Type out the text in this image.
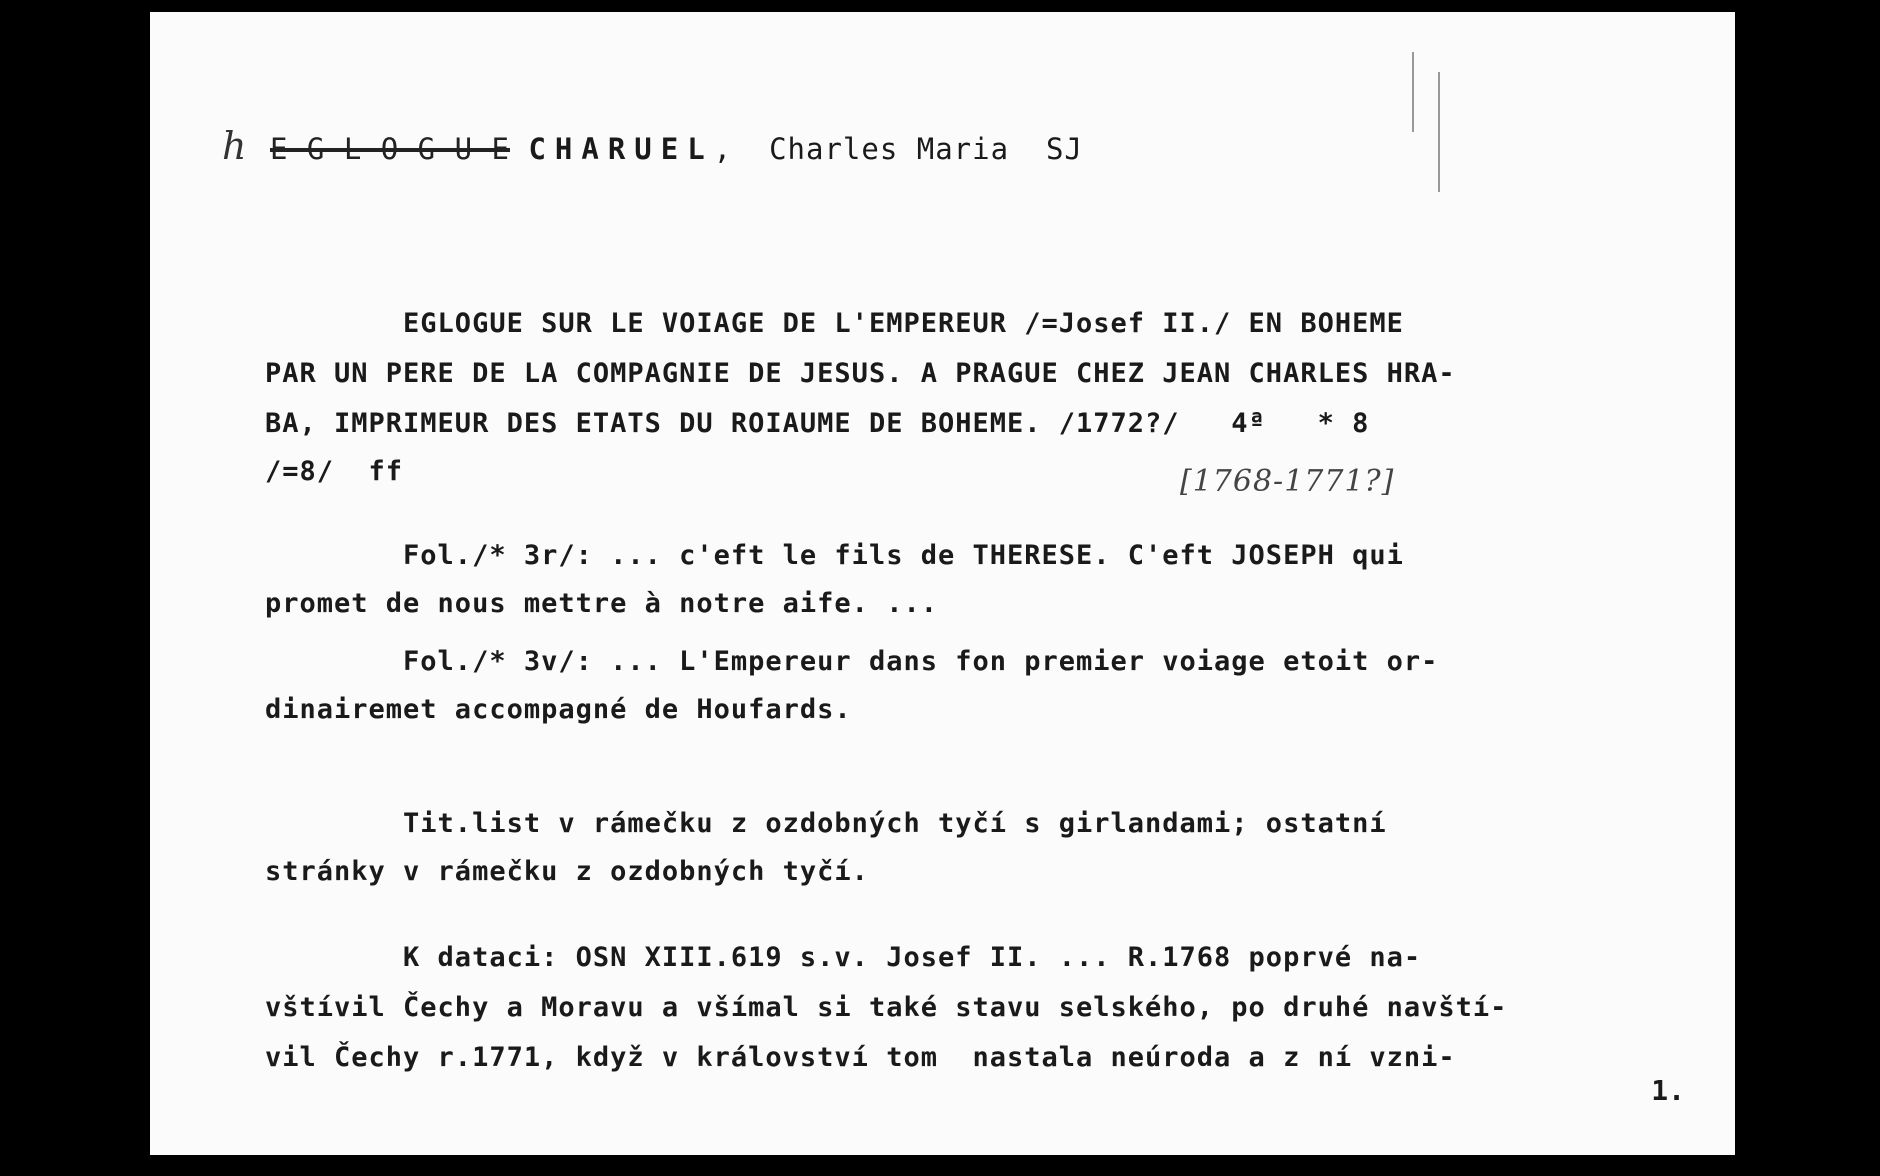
h E G L O G U E CHARUEL, Charles Maria SJ
EGLOGUE SUR LE VOIAGE DE L'EMPEREUR /=Josef II./ EN BOHEME
PAR UN PERE DE LA COMPAGNIE DE JESUS. A PRAGUE CHEZ JEAN CHARLES HRA-
BA, IMPRIMEUR DES ETATS DU ROIAUME DE BOHEME. /1772?/   4ª   * 8
/=8/  ff	[1768-1771?]
Fol./* 3r/: ... c'eft le fils de THERESE. C'eft JOSEPH qui
promet de nous mettre à notre aife. ...
Fol./* 3v/: ... L'Empereur dans fon premier voiage etoit or-
dinairemet accompagné de Houfards.
Tit.list v rámečku z ozdobných tyčí s girlandami; ostatní
stránky v rámečku z ozdobných tyčí.
K dataci: OSN XIII.619 s.v. Josef II. ... R.1768 poprvé na-
vštívil Čechy a Moravu a všímal si také stavu selského, po druhé navští-
vil Čechy r.1771, když v království tom  nastala neúroda a z ní vzni-
1.
